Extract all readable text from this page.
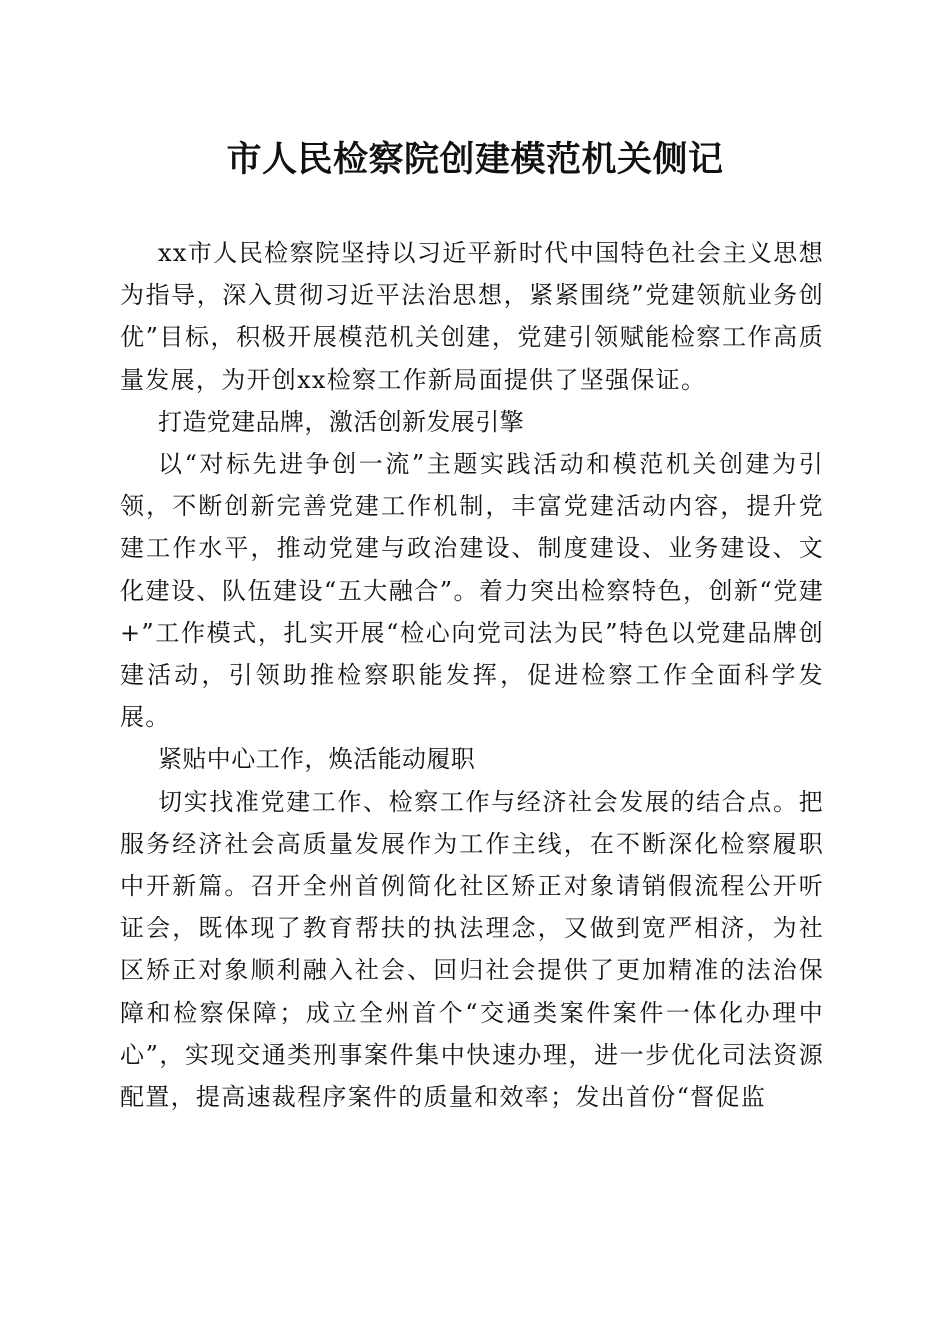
市人民检察院创建模范机关侧记

xx市人民检察院坚持以习近平新时代中国特色社会主义思想为指导，深入贯彻习近平法治思想，紧紧围绕”党建领航业务创优”目标，积极开展模范机关创建，党建引领赋能检察工作高质量发展，为开创xx检察工作新局面提供了坚强保证。

打造党建品牌，激活创新发展引擎

以“对标先进争创一流”主题实践活动和模范机关创建为引领，不断创新完善党建工作机制，丰富党建活动内容，提升党建工作水平，推动党建与政治建设、制度建设、业务建设、文化建设、队伍建设“五大融合”。着力突出检察特色，创新“党建+”工作模式，扎实开展“检心向党司法为民”特色以党建品牌创建活动，引领助推检察职能发挥，促进检察工作全面科学发展。

紧贴中心工作，焕活能动履职

切实找准党建工作、检察工作与经济社会发展的结合点。把服务经济社会高质量发展作为工作主线，在不断深化检察履职中开新篇。召开全州首例简化社区矫正对象请销假流程公开听证会，既体现了教育帮扶的执法理念，又做到宽严相济，为社区矫正对象顺利融入社会、回归社会提供了更加精准的法治保障和检察保障；成立全州首个“交通类案件案件一体化办理中心”，实现交通类刑事案件集中快速办理，进一步优化司法资源配置，提高速裁程序案件的质量和效率；发出首份“督促监
